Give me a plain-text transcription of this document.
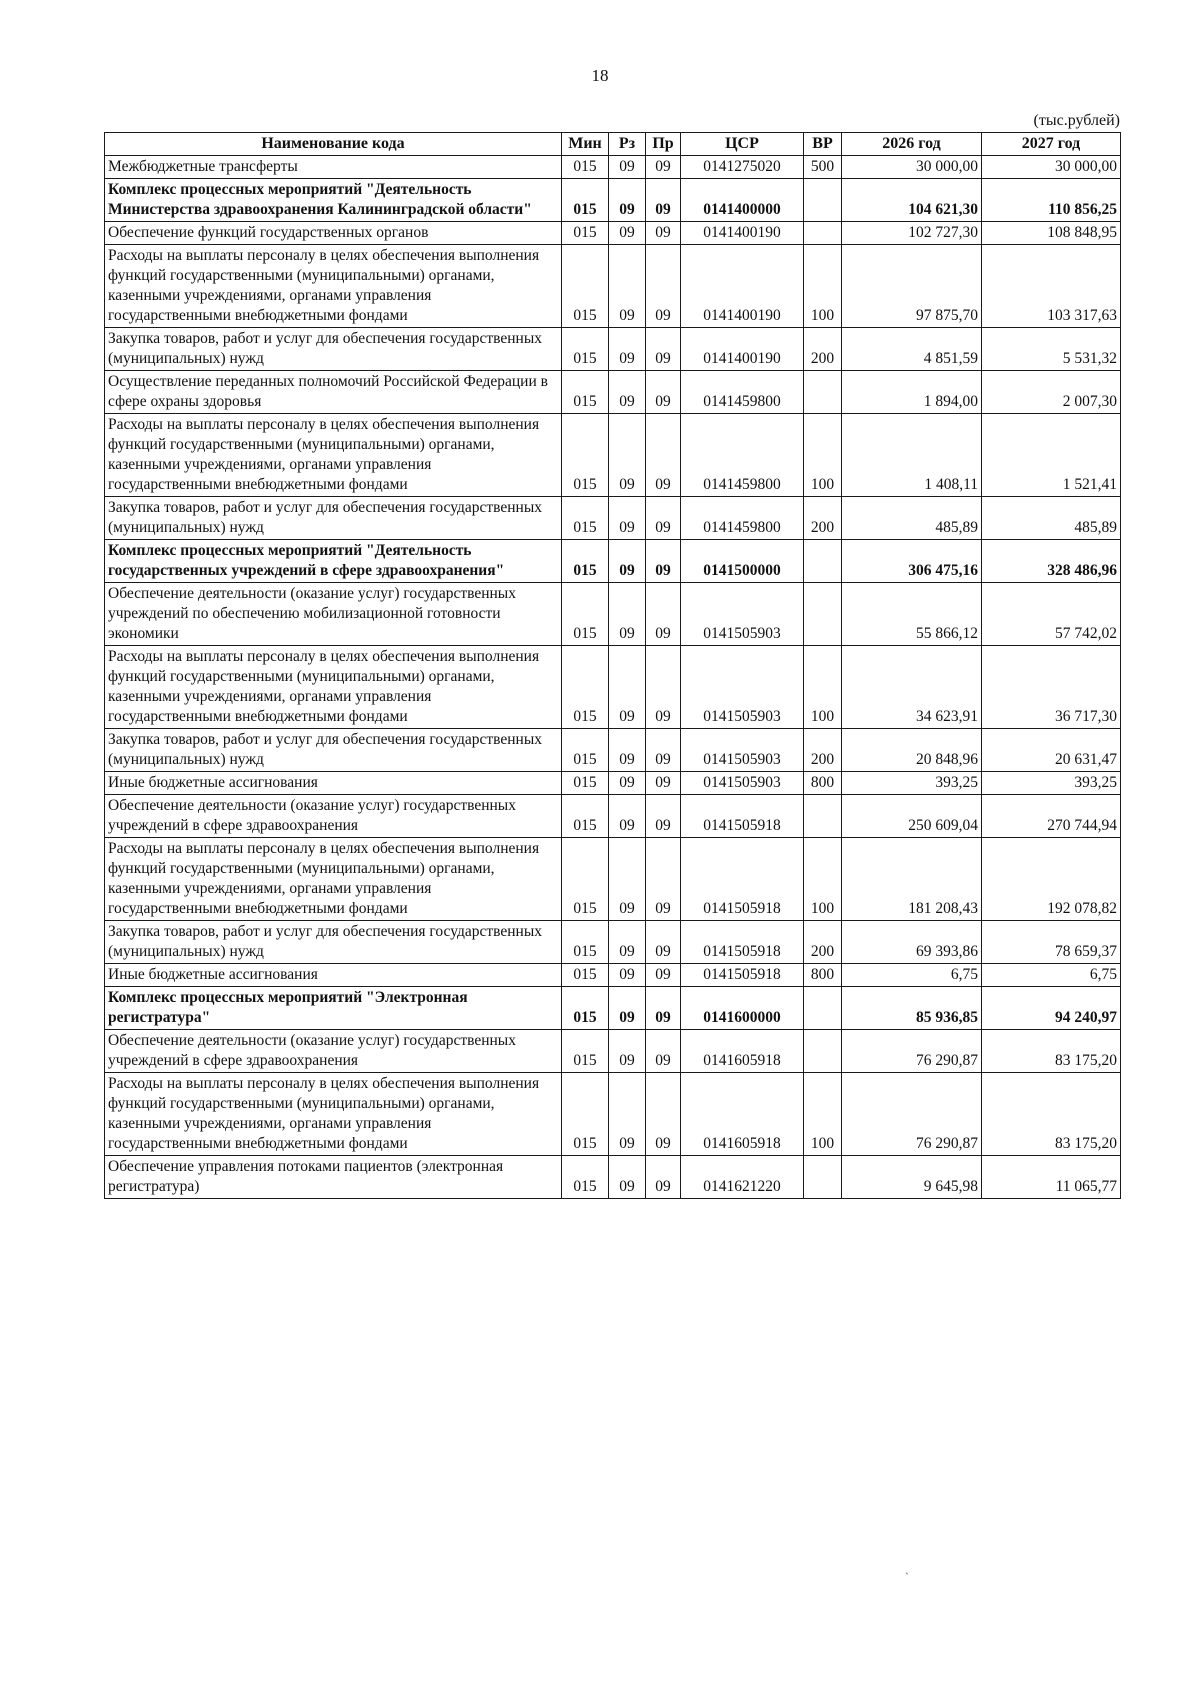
18
(тыс.рублей)
Наименование кода	Мин	Рз	Пр	ЦСР	ВР	2026 год	2027 год
Межбюджетные трансферты	015	09	09	0141275020	500	30 000,00	30 000,00
Комплекс процессных мероприятий "Деятельность Министерства здравоохранения Калининградской области"	015	09	09	0141400000		104 621,30	110 856,25
Обеспечение функций государственных органов	015	09	09	0141400190		102 727,30	108 848,95
Расходы на выплаты персоналу в целях обеспечения выполнения функций государственными (муниципальными) органами, казенными учреждениями, органами управления государственными внебюджетными фондами	015	09	09	0141400190	100	97 875,70	103 317,63
Закупка товаров, работ и услуг для обеспечения государственных (муниципальных) нужд	015	09	09	0141400190	200	4 851,59	5 531,32
Осуществление переданных полномочий Российской Федерации в сфере охраны здоровья	015	09	09	0141459800		1 894,00	2 007,30
Расходы на выплаты персоналу в целях обеспечения выполнения функций государственными (муниципальными) органами, казенными учреждениями, органами управления государственными внебюджетными фондами	015	09	09	0141459800	100	1 408,11	1 521,41
Закупка товаров, работ и услуг для обеспечения государственных (муниципальных) нужд	015	09	09	0141459800	200	485,89	485,89
Комплекс процессных мероприятий "Деятельность государственных учреждений в сфере здравоохранения"	015	09	09	0141500000		306 475,16	328 486,96
Обеспечение деятельности (оказание услуг) государственных учреждений по обеспечению мобилизационной готовности экономики	015	09	09	0141505903		55 866,12	57 742,02
Расходы на выплаты персоналу в целях обеспечения выполнения функций государственными (муниципальными) органами, казенными учреждениями, органами управления государственными внебюджетными фондами	015	09	09	0141505903	100	34 623,91	36 717,30
Закупка товаров, работ и услуг для обеспечения государственных (муниципальных) нужд	015	09	09	0141505903	200	20 848,96	20 631,47
Иные бюджетные ассигнования	015	09	09	0141505903	800	393,25	393,25
Обеспечение деятельности (оказание услуг) государственных учреждений в сфере здравоохранения	015	09	09	0141505918		250 609,04	270 744,94
Расходы на выплаты персоналу в целях обеспечения выполнения функций государственными (муниципальными) органами, казенными учреждениями, органами управления государственными внебюджетными фондами	015	09	09	0141505918	100	181 208,43	192 078,82
Закупка товаров, работ и услуг для обеспечения государственных (муниципальных) нужд	015	09	09	0141505918	200	69 393,86	78 659,37
Иные бюджетные ассигнования	015	09	09	0141505918	800	6,75	6,75
Комплекс процессных мероприятий "Электронная регистратура"	015	09	09	0141600000		85 936,85	94 240,97
Обеспечение деятельности (оказание услуг) государственных учреждений в сфере здравоохранения	015	09	09	0141605918		76 290,87	83 175,20
Расходы на выплаты персоналу в целях обеспечения выполнения функций государственными (муниципальными) органами, казенными учреждениями, органами управления государственными внебюджетными фондами	015	09	09	0141605918	100	76 290,87	83 175,20
Обеспечение управления потоками пациентов (электронная регистратура)	015	09	09	0141621220		9 645,98	11 065,77
`
